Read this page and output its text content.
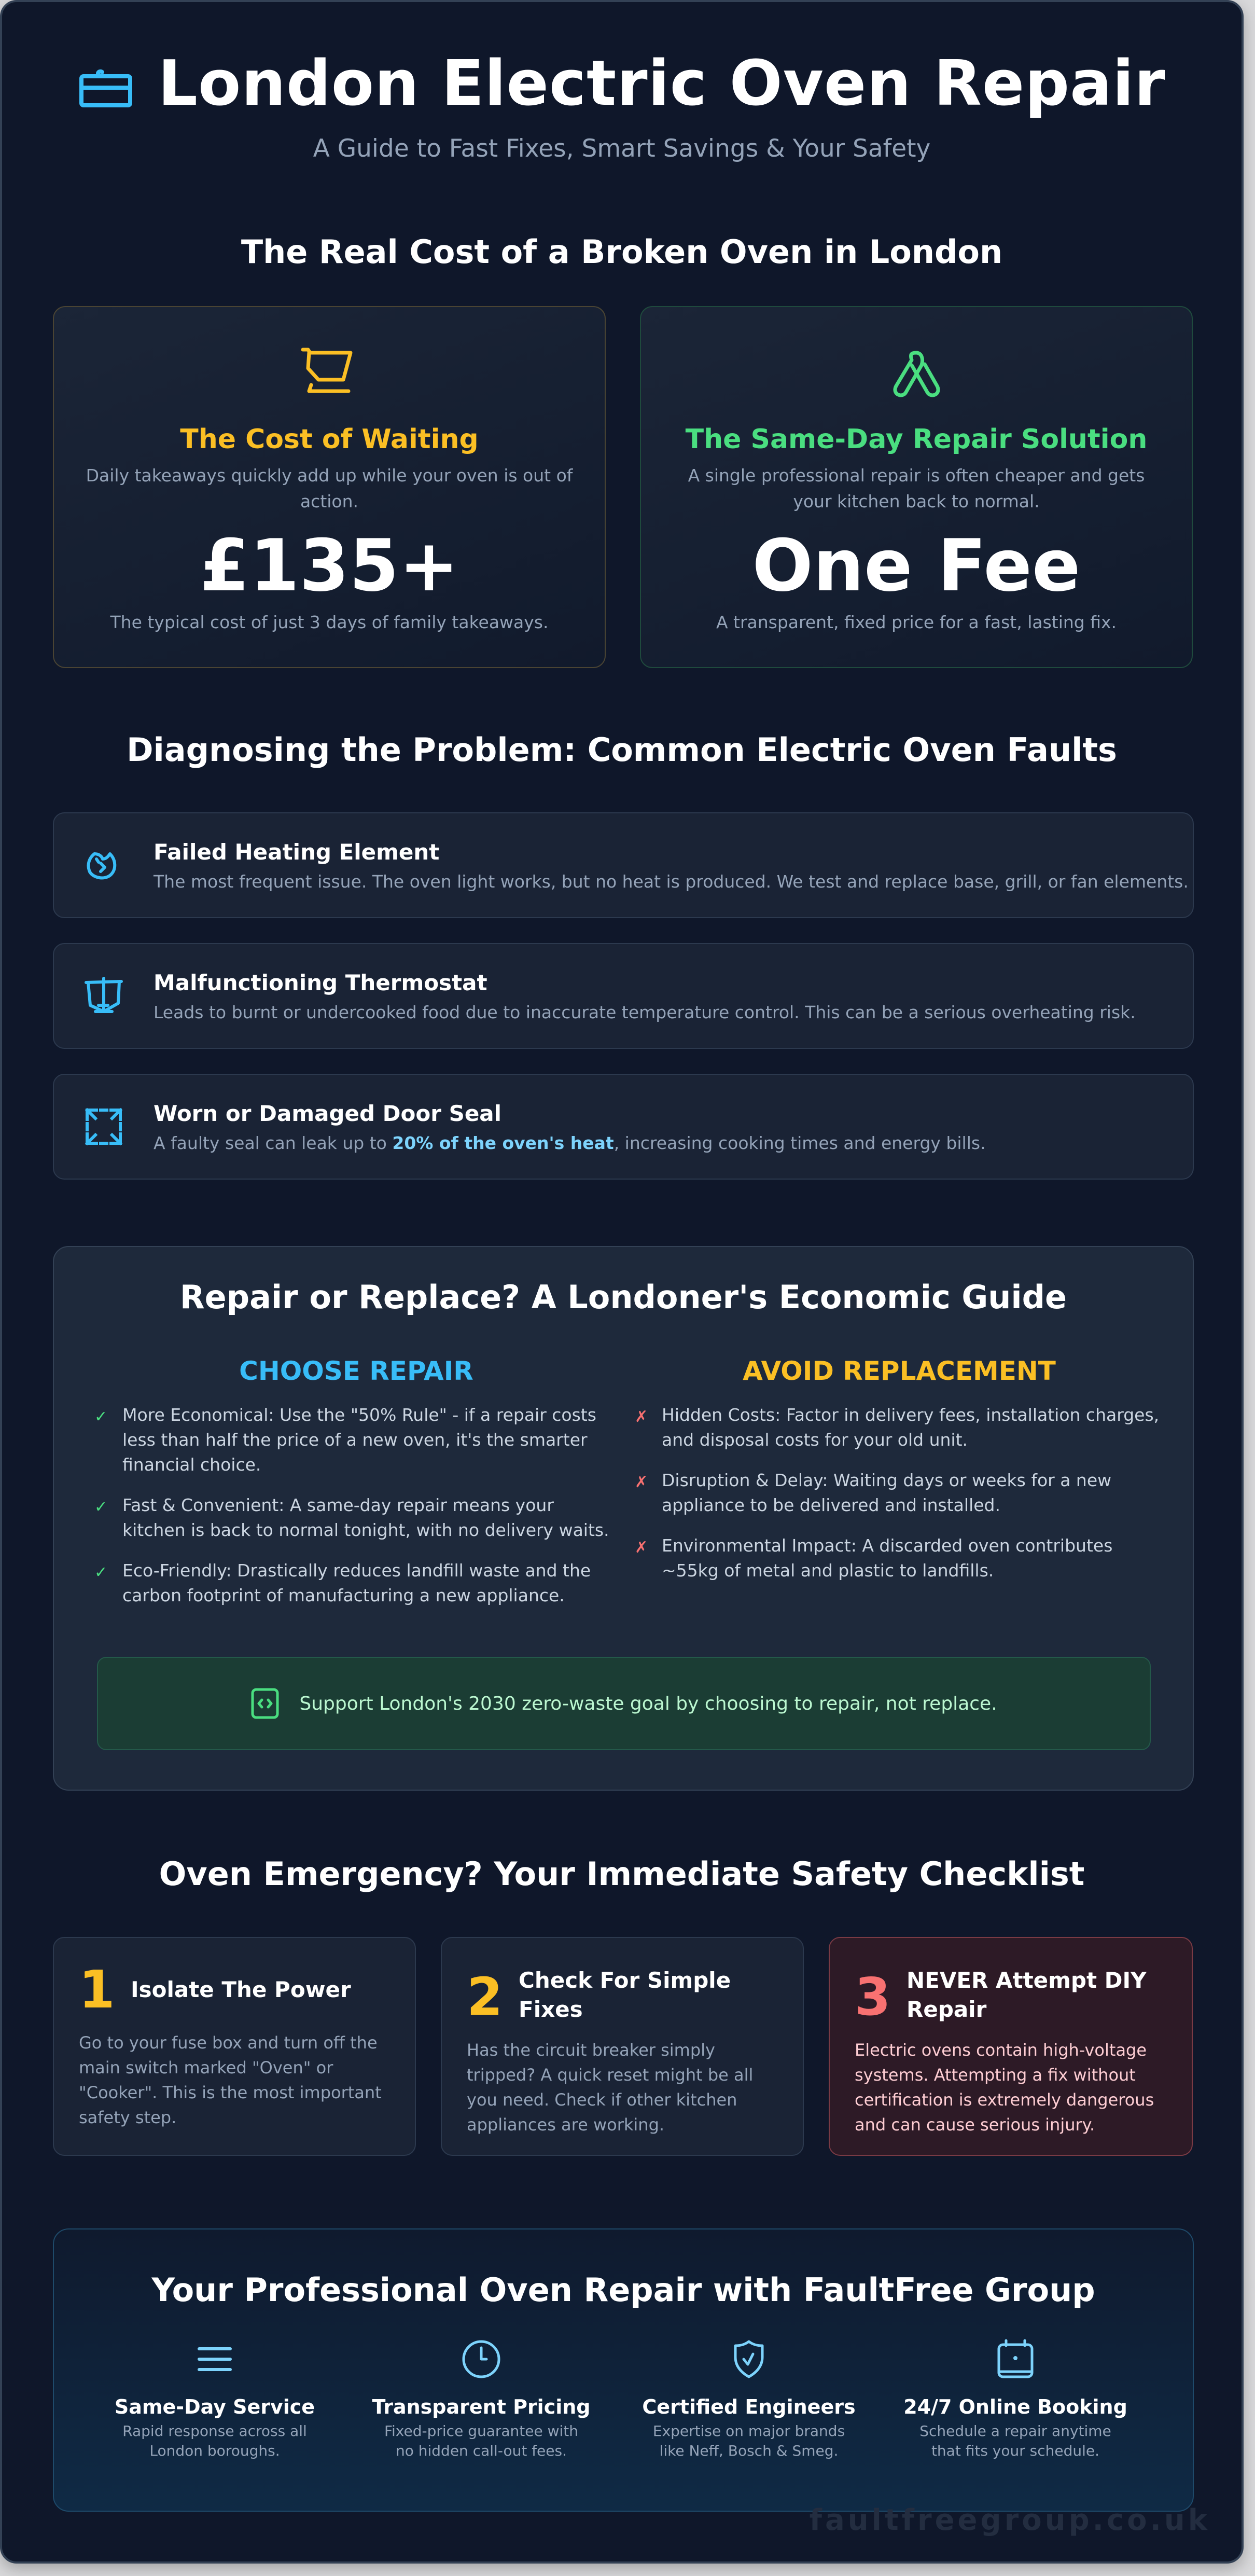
London Electric Oven Repair
A Guide to Fast Fixes, Smart Savings & Your Safety
The Real Cost of a Broken Oven in London
The Cost of Waiting
Daily takeaways quickly add up while your oven is out of action.
£135+
The typical cost of just 3 days of family takeaways.
The Same-Day Repair Solution
A single professional repair is often cheaper and gets your kitchen back to normal.
One Fee
A transparent, fixed price for a fast, lasting fix.
Diagnosing the Problem: Common Electric Oven Faults
Failed Heating Element
The most frequent issue. The oven light works, but no heat is produced. We test and replace base, grill, or fan elements.
Malfunctioning Thermostat
Leads to burnt or undercooked food due to inaccurate temperature control. This can be a serious overheating risk.
Worn or Damaged Door Seal
A faulty seal can leak up to 20% of the oven's heat, increasing cooking times and energy bills.
Repair or Replace? A Londoner's Economic Guide
CHOOSE REPAIR
✓ More Economical: Use the "50% Rule" - if a repair costs less than half the price of a new oven, it's the smarter financial choice.
✓ Fast & Convenient: A same-day repair means your kitchen is back to normal tonight, with no delivery waits.
✓ Eco-Friendly: Drastically reduces landfill waste and the carbon footprint of manufacturing a new appliance.
AVOID REPLACEMENT
✗ Hidden Costs: Factor in delivery fees, installation charges, and disposal costs for your old unit.
✗ Disruption & Delay: Waiting days or weeks for a new appliance to be delivered and installed.
✗ Environmental Impact: A discarded oven contributes ~55kg of metal and plastic to landfills.
Support London's 2030 zero-waste goal by choosing to repair, not replace.
Oven Emergency? Your Immediate Safety Checklist
1 Isolate The Power
Go to your fuse box and turn off the main switch marked "Oven" or "Cooker". This is the most important safety step.
2 Check For Simple Fixes
Has the circuit breaker simply tripped? A quick reset might be all you need. Check if other kitchen appliances are working.
3 NEVER Attempt DIY Repair
Electric ovens contain high-voltage systems. Attempting a fix without certification is extremely dangerous and can cause serious injury.
Your Professional Oven Repair with FaultFree Group
Same-Day Service
Rapid response across all London boroughs.
Transparent Pricing
Fixed-price guarantee with no hidden call-out fees.
Certified Engineers
Expertise on major brands like Neff, Bosch & Smeg.
24/7 Online Booking
Schedule a repair anytime that fits your schedule.
faultfreegroup.co.uk
